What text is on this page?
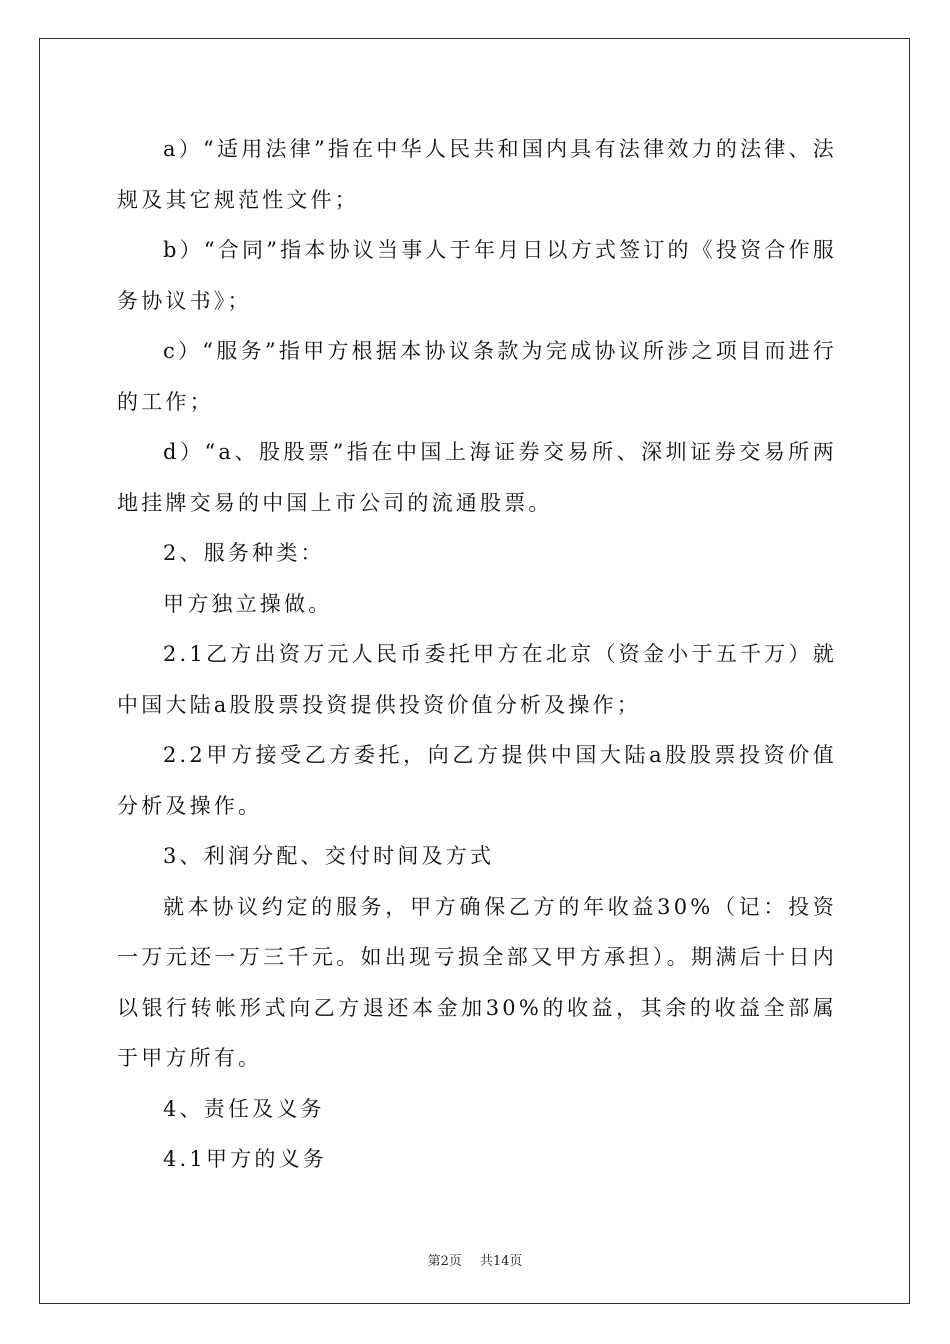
a）“适用法律”指在中华人民共和国内具有法律效力的法律、法规及其它规范性文件；

b）“合同”指本协议当事人于年月日以方式签订的《投资合作服务协议书》；

c）“服务”指甲方根据本协议条款为完成协议所涉之项目而进行的工作；

d）“a、股股票”指在中国上海证券交易所、深圳证券交易所两地挂牌交易的中国上市公司的流通股票。

2、服务种类：

甲方独立操做。

2.1乙方出资万元人民币委托甲方在北京（资金小于五千万）就中国大陆a股股票投资提供投资价值分析及操作；

2.2甲方接受乙方委托，向乙方提供中国大陆a股股票投资价值分析及操作。

3、利润分配、交付时间及方式

就本协议约定的服务，甲方确保乙方的年收益30%（记：投资一万元还一万三千元。如出现亏损全部又甲方承担）。期满后十日内以银行转帐形式向乙方退还本金加30%的收益，其余的收益全部属于甲方所有。

4、责任及义务

4.1甲方的义务

第2页 共14页
